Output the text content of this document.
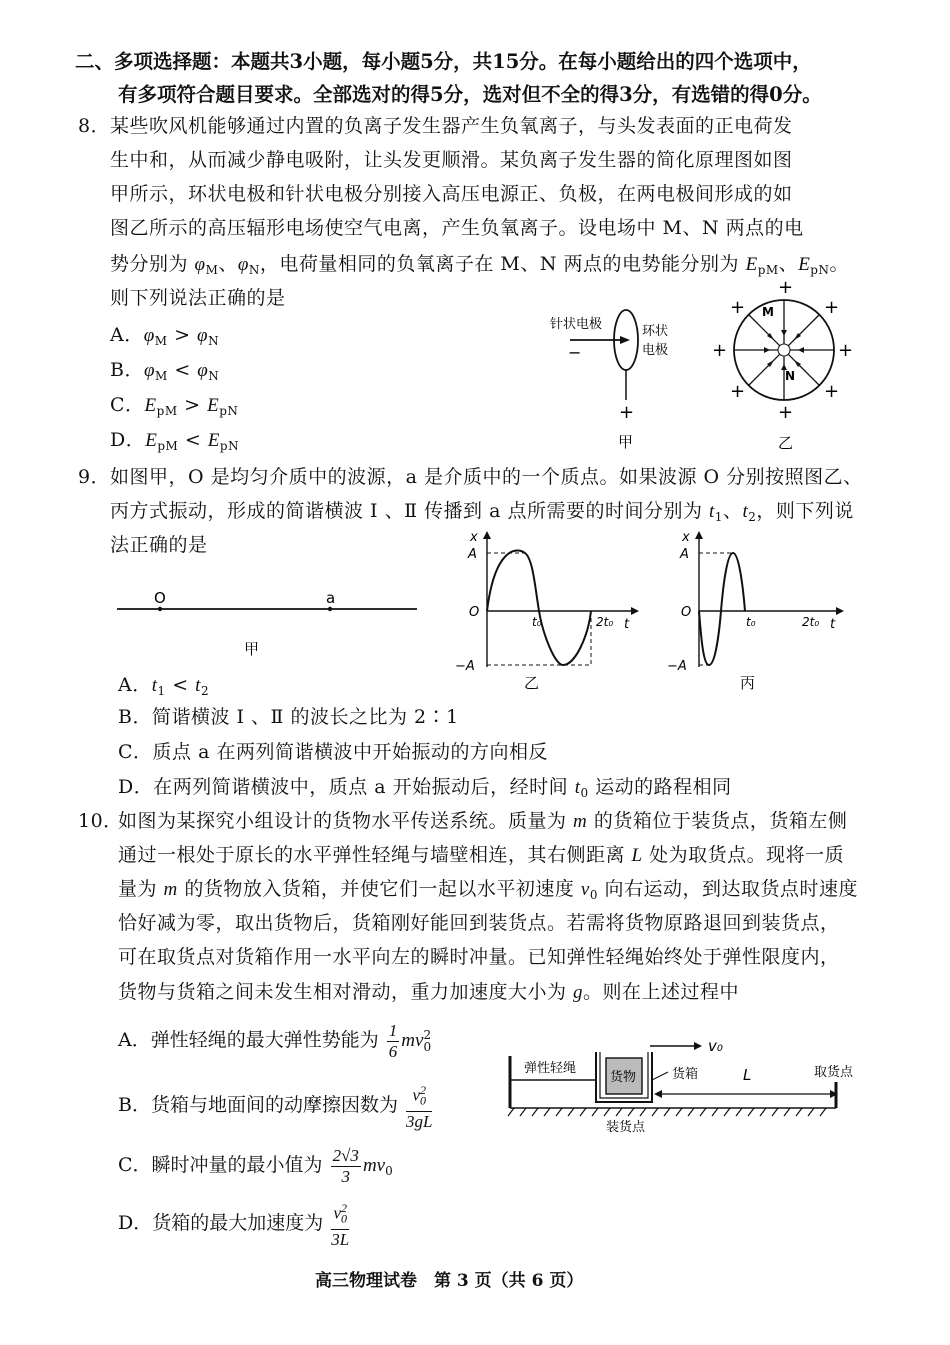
二、多项选择题：本题共3小题，每小题5分，共15分。在每小题给出的四个选项中，
有多项符合题目要求。全部选对的得5分，选对但不全的得3分，有选错的得0分。
8． 某些吹风机能够通过内置的负离子发生器产生负氧离子，与头发表面的正电荷发
生中和，从而减少静电吸附，让头发更顺滑。某负离子发生器的简化原理图如图
甲所示，环状电极和针状电极分别接入高压电源正、负极，在两电极间形成的如
图乙所示的高压辐形电场使空气电离，产生负氧离子。设电场中 M、N 两点的电
势分别为 $\varphi_M$、$\varphi_N$，电荷量相同的负氧离子在 M、N 两点的电势能分别为 $E_{pM}$、$E_{pN}$。
则下列说法正确的是
A．$\varphi_M > \varphi_N$
B．$\varphi_M < \varphi_N$
C．$E_{pM} > E_{pN}$
D．$E_{pM} < E_{pN}$
针状电极
−
环状
电极
+
甲
M
N
+
+
+	+
+	+
+	+
乙
9． 如图甲，O 是均匀介质中的波源，a 是介质中的一个质点。如果波源 O 分别按照图乙、
丙方式振动，形成的简谐横波 Ⅰ 、Ⅱ 传播到 a 点所需要的时间分别为 $t_1$、$t_2$，则下列说
法正确的是
O	a
甲
x
A
O
−A
t₀	2t₀ t
乙
x
A
O
−A
t₀	2t₀ t
丙
A．$t_1 < t_2$
B．简谐横波 Ⅰ 、Ⅱ 的波长之比为 2∶1
C．质点 a 在两列简谐横波中开始振动的方向相反
D．在两列简谐横波中，质点 a 开始振动后，经时间 $t_0$ 运动的路程相同
10．
如图为某探究小组设计的货物水平传送系统。质量为 m 的货箱位于装货点，货箱左侧
通过一根处于原长的水平弹性轻绳与墙壁相连，其右侧距离 L 处为取货点。现将一质
量为 m 的货物放入货箱，并使它们一起以水平初速度 $v_0$ 向右运动，到达取货点时速度
恰好减为零，取出货物后，货箱刚好能回到装货点。若需将货物原路退回到装货点，
可在取货点对货箱作用一水平向左的瞬时冲量。已知弹性轻绳始终处于弹性限度内，
货物与货箱之间未发生相对滑动，重力加速度大小为 g。则在上述过程中
A．弹性轻绳的最大弹性势能为 $\frac{1}{6}$ mv 2
0
B．货箱与地面间的动摩擦因数为 $\frac{v_0^2}{3gL}$
C．瞬时冲量的最小值为 $\frac{2√3}{3} mv_0$
D．货箱的最大加速度为 $\frac{v_0^2}{3L}$
弹性轻绳
货物
v₀
货箱	L	取货点
装货点
高三物理试卷　第 3 页（共 6 页）
